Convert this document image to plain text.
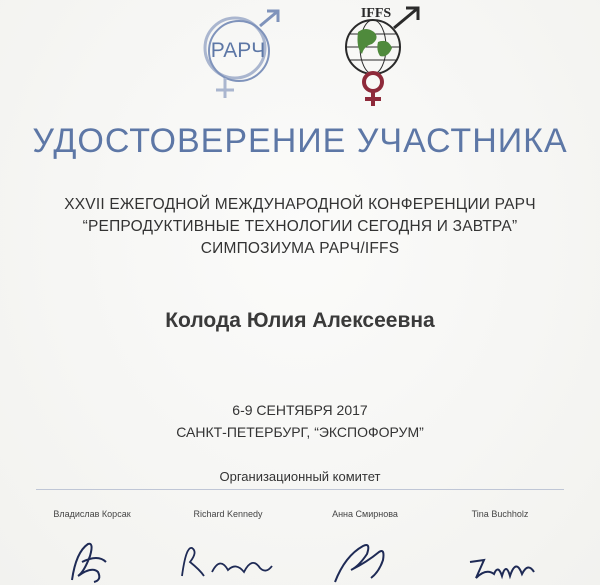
РАРЧ
IFFS
УДОСТОВЕРЕНИЕ УЧАСТНИКА
XXVII ЕЖЕГОДНОЙ МЕЖДУНАРОДНОЙ КОНФЕРЕНЦИИ РАРЧ
“РЕПРОДУКТИВНЫЕ ТЕХНОЛОГИИ СЕГОДНЯ И ЗАВТРА”
СИМПОЗИУМА РАРЧ/IFFS
Колода Юлия Алексеевна
6-9 СЕНТЯБРЯ 2017
САНКТ-ПЕТЕРБУРГ, “ЭКСПОФОРУМ”
Организационный комитет
Владислав Корсак	Richard Kennedy	Анна Смирнова	Tina Buchholz
